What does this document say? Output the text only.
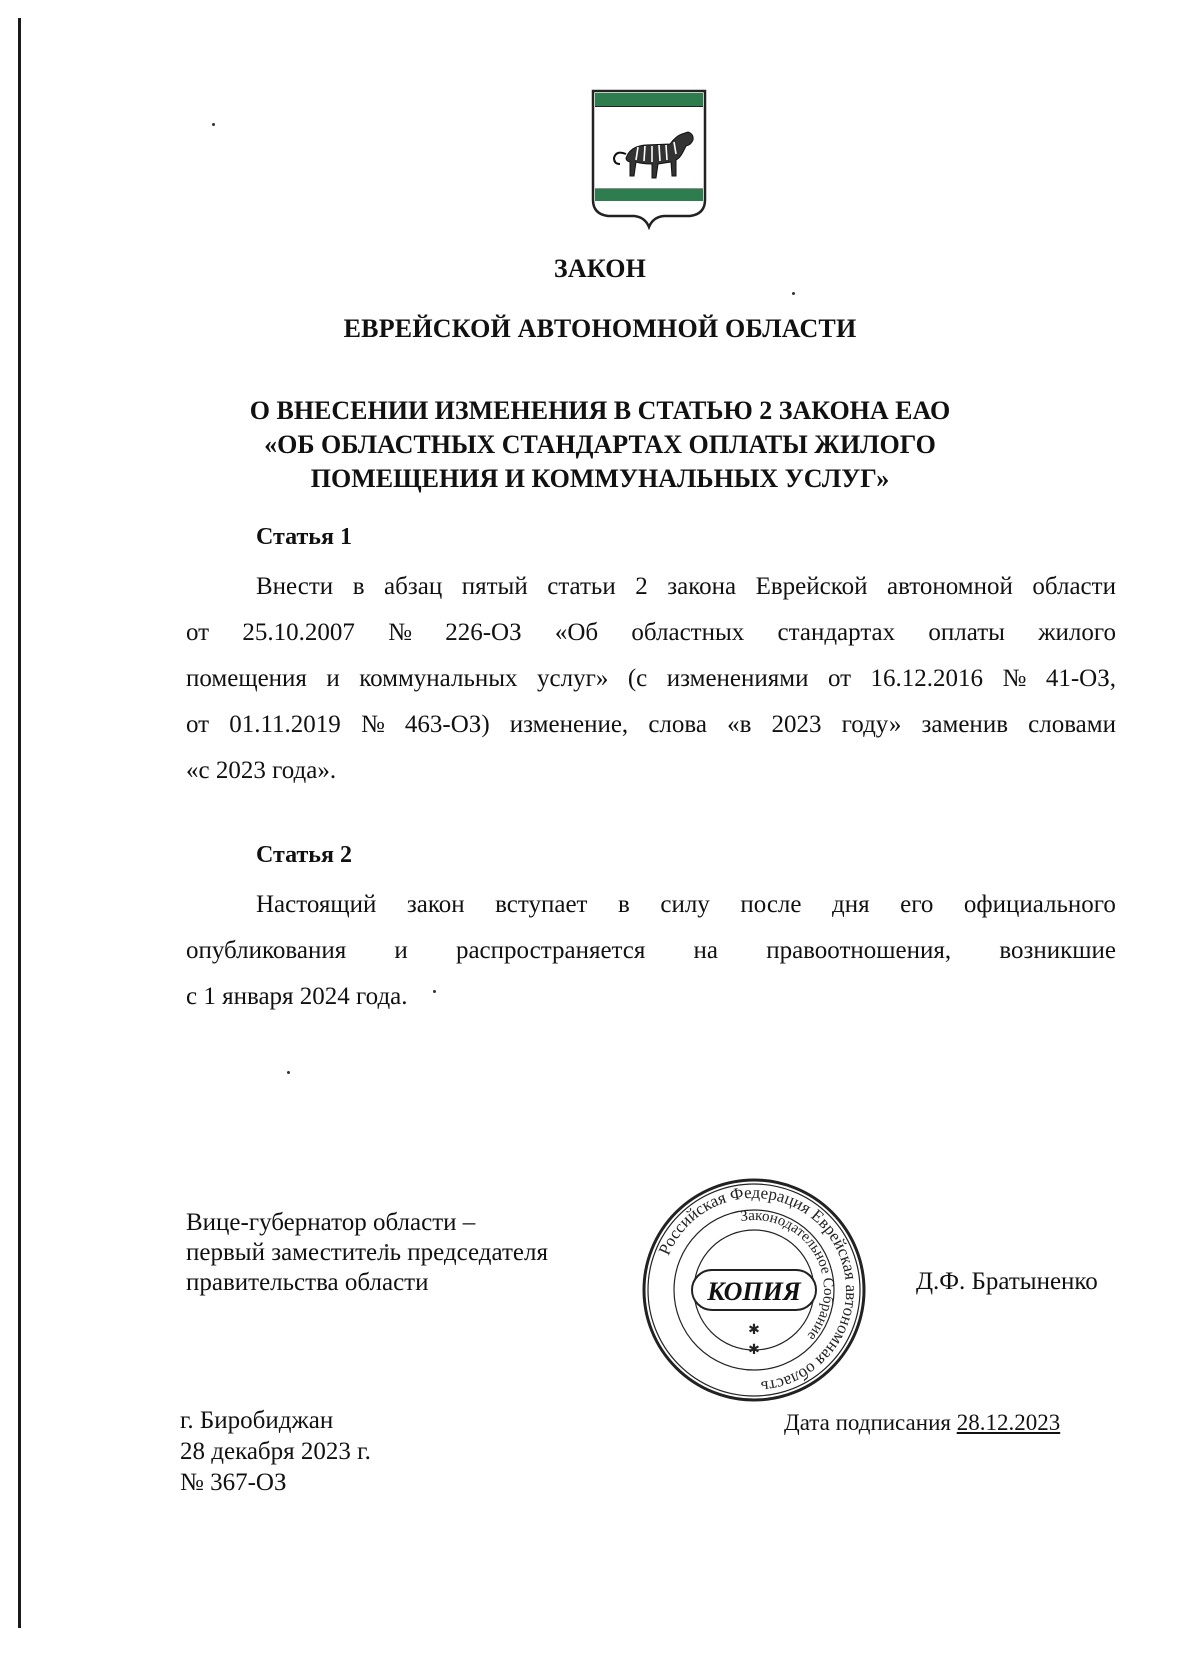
ЗАКОН
ЕВРЕЙСКОЙ АВТОНОМНОЙ ОБЛАСТИ
О ВНЕСЕНИИ ИЗМЕНЕНИЯ В СТАТЬЮ 2 ЗАКОНА ЕАО
«ОБ ОБЛАСТНЫХ СТАНДАРТАХ ОПЛАТЫ ЖИЛОГО
ПОМЕЩЕНИЯ И КОММУНАЛЬНЫХ УСЛУГ»
Статья 1
Внести в абзац пятый статьи 2 закона Еврейской автономной области
от 25.10.2007 № 226-ОЗ «Об областных стандартах оплаты жилого
помещения и коммунальных услуг» (с изменениями от 16.12.2016 № 41-ОЗ,
от 01.11.2019 № 463-ОЗ) изменение, слова «в 2023 году» заменив словами
«с 2023 года».
Статья 2
Настоящий закон вступает в силу после дня его официального
опубликования и распространяется на правоотношения, возникшие
с 1 января 2024 года.
Вице-губернатор области –
первый заместитель председателя
правительства области
Российская Федерация Еврейская автономная область
Законодательное Собрание
КОПИЯ
✱
✱
Д.Ф. Братыненко
Дата подписания 28.12.2023
г. Биробиджан
28 декабря 2023 г.
№ 367-ОЗ
